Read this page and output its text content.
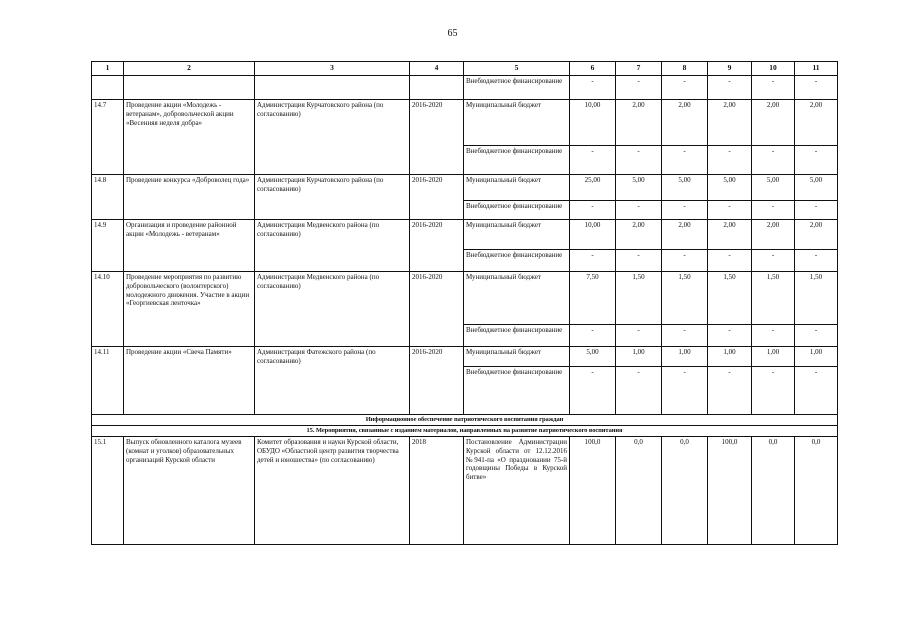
65
1	2	3	4	5	6	7	8	9	10	11
				Внебюджетное финансирование	-	-	-	-	-	-
14.7	Проведение акции «Молодежь - ветеранам», добровольческой акции «Весенняя неделя добра»	Администрация Курчатовского района (по согласованию)	2016-2020	Муниципальный бюджет	10,00	2,00	2,00	2,00	2,00	2,00
				Внебюджетное финансирование	-	-	-	-	-	-
14.8	Проведение конкурса «Доброволец года»	Администрация Курчатовского района (по согласованию)	2016-2020	Муниципальный бюджет	25,00	5,00	5,00	5,00	5,00	5,00
				Внебюджетное финансирование	-	-	-	-	-	-
14.9	Организация и проведение районной акции «Молодежь - ветеранам»	Администрация Медвенского района (по согласованию)	2016-2020	Муниципальный бюджет	10,00	2,00	2,00	2,00	2,00	2,00
				Внебюджетное финансирование	-	-	-	-	-	-
14.10	Проведение мероприятия по развитию добровольческого (волонтерского) молодежного движения. Участие в акции «Георгиевская ленточка»	Администрация Медвенского района (по согласованию)	2016-2020	Муниципальный бюджет	7,50	1,50	1,50	1,50	1,50	1,50
				Внебюджетное финансирование	-	-	-	-	-	-
14.11	Проведение акции «Свеча Памяти»	Администрация Фатежского района (по согласованию)	2016-2020	Муниципальный бюджет	5,00	1,00	1,00	1,00	1,00	1,00
				Внебюджетное финансирование	-	-	-	-	-	-
Информационное обеспечение патриотического воспитания граждан										
15. Мероприятия, связанные с изданием материалов, направленных на развитие патриотического воспитания										
15.1	Выпуск обновленного каталога музеев (комнат и уголков) образовательных организаций Курской области	Комитет образования и науки Курской области, ОБУДО «Областной центр развития творчества детей и юношества» (по согласованию)	2018	Постановление Администрации Курской области от 12.12.2016 №941-па «О праздновании 75-й годовщины Победы в Курской битве»	100,0	0,0	0,0	100,0	0,0	0,0
